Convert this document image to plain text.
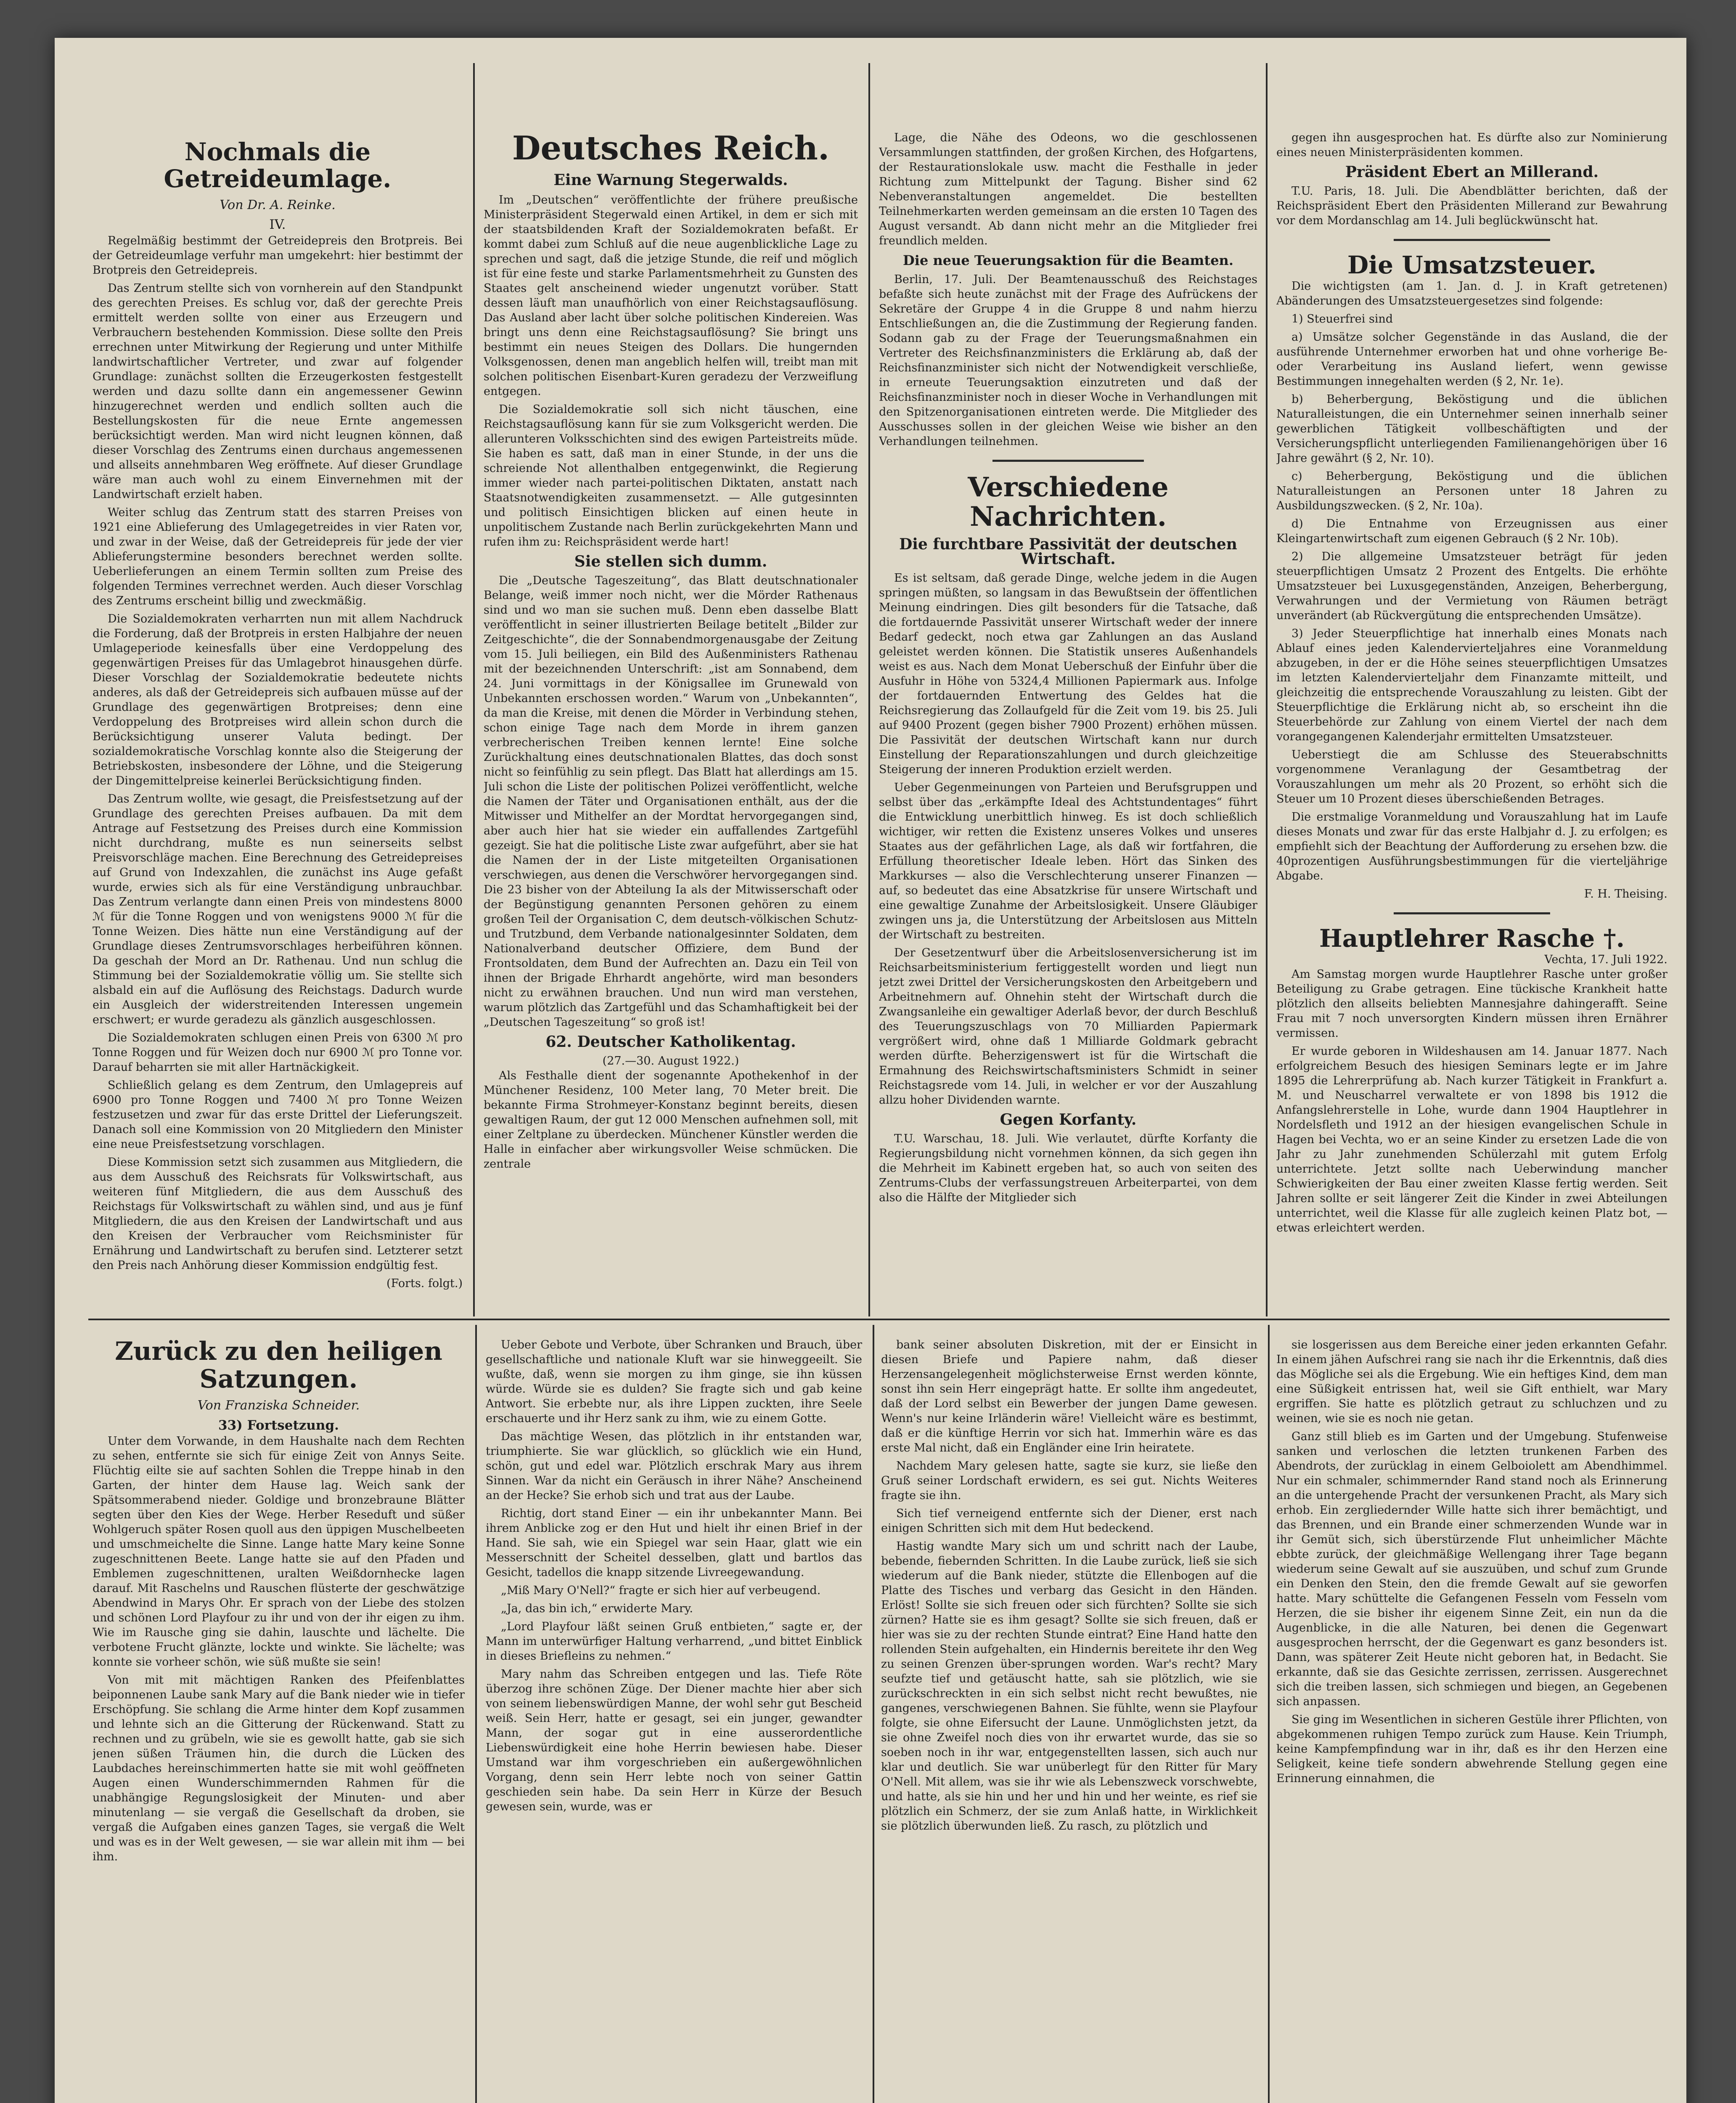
Nochmals die Getreideumlage.
Von Dr. A. Reinke.
IV.

Regelmäßig bestimmt der Getreidepreis den Brotpreis. Bei der Getreideumlage verfuhr man umgekehrt: hier bestimmt der Brotpreis den Getreidepreis.

Das Zentrum stellte sich von vornherein auf den Standpunkt des gerechten Preises. Es schlug vor, daß der gerechte Preis ermittelt werden sollte von einer aus Erzeugern und Verbrauchern bestehenden Kommission. Diese sollte den Preis errechnen unter Mitwirkung der Regierung und unter Mithilfe landwirtschaftlicher Vertreter, und zwar auf folgender Grundlage: zunächst sollten die Erzeugerkosten festgestellt werden und dazu sollte dann ein angemessener Gewinn hinzugerechnet werden und endlich sollten auch die Bestellungskosten für die neue Ernte angemessen berücksichtigt werden. Man wird nicht leugnen können, daß dieser Vorschlag des Zentrums einen durchaus angemessenen und allseits annehmbaren Weg eröffnete. Auf dieser Grundlage wäre man auch wohl zu einem Einvernehmen mit der Landwirtschaft erzielt haben.

Weiter schlug das Zentrum statt des starren Preises von 1921 eine Ablieferung des Umlagegetreides in vier Raten vor, und zwar in der Weise, daß der Getreidepreis für jede der vier Ablieferungstermine besonders berechnet werden sollte. Ueberlieferungen an einem Termin sollten zum Preise des folgenden Termines verrechnet werden. Auch dieser Vorschlag des Zentrums erscheint billig und zweckmäßig.

Die Sozialdemokraten verharrten nun mit allem Nachdruck die Forderung, daß der Brotpreis in ersten Halbjahre der neuen Umlageperiode keinesfalls über eine Verdoppelung des gegenwärtigen Preises für das Umlagebrot hinausgehen dürfe. Dieser Vorschlag der Sozialdemokratie bedeutete nichts anderes, als daß der Getreidepreis sich aufbauen müsse auf der Grundlage des gegenwärtigen Brotpreises; denn eine Verdoppelung des Brotpreises wird allein schon durch die Berücksichtigung unserer Valuta bedingt. Der sozialdemokratische Vorschlag konnte also die Steigerung der Betriebskosten, insbesondere der Löhne, und die Steigerung der Dingemittelpreise keinerlei Berücksichtigung finden.

Das Zentrum wollte, wie gesagt, die Preisfestsetzung auf der Grundlage des gerechten Preises aufbauen. Da mit dem Antrage auf Festsetzung des Preises durch eine Kommission nicht durchdrang, mußte es nun seinerseits selbst Preisvorschläge machen. Eine Berechnung des Getreidepreises auf Grund von Indexzahlen, die zunächst ins Auge gefaßt wurde, erwies sich als für eine Verständigung unbrauchbar. Das Zentrum verlangte dann einen Preis von mindestens 8000 ℳ für die Tonne Roggen und von wenigstens 9000 ℳ für die Tonne Weizen. Dies hätte nun eine Verständigung auf der Grundlage dieses Zentrumsvorschlages herbeiführen können. Da geschah der Mord an Dr. Rathenau. Und nun schlug die Stimmung bei der Sozialdemokratie völlig um. Sie stellte sich alsbald ein auf die Auflösung des Reichstags. Dadurch wurde ein Ausgleich der widerstreitenden Interessen ungemein erschwert; er wurde geradezu als gänzlich ausgeschlossen.

Die Sozialdemokraten schlugen einen Preis von 6300 ℳ pro Tonne Roggen und für Weizen doch nur 6900 ℳ pro Tonne vor. Darauf beharrten sie mit aller Hartnäckigkeit.

Schließlich gelang es dem Zentrum, den Umlagepreis auf 6900 pro Tonne Roggen und 7400 ℳ pro Tonne Weizen festzusetzen und zwar für das erste Drittel der Lieferungszeit. Danach soll eine Kommission von 20 Mitgliedern den Minister eine neue Preisfestsetzung vorschlagen.

Diese Kommission setzt sich zusammen aus Mitgliedern, die aus dem Ausschuß des Reichsrats für Volkswirtschaft, aus weiteren fünf Mitgliedern, die aus dem Ausschuß des Reichstags für Volkswirtschaft zu wählen sind, und aus je fünf Mitgliedern, die aus den Kreisen der Landwirtschaft und aus den Kreisen der Verbraucher vom Reichsminister für Ernährung und Landwirtschaft zu berufen sind. Letzterer setzt den Preis nach Anhörung dieser Kommission endgültig fest.

(Forts. folgt.)
Deutsches Reich.
Eine Warnung Stegerwalds.

Im „Deutschen“ veröffentlichte der frühere preußische Ministerpräsident Stegerwald einen Artikel, in dem er sich mit der staatsbildenden Kraft der Sozialdemokraten befaßt. Er kommt dabei zum Schluß auf die neue augenblickliche Lage zu sprechen und sagt, daß die jetzige Stunde, die reif und möglich ist für eine feste und starke Parlamentsmehrheit zu Gunsten des Staates gelt anscheinend wieder ungenutzt vorüber. Statt dessen läuft man unaufhörlich von einer Reichstagsauflösung. Das Ausland aber lacht über solche politischen Kindereien. Was bringt uns denn eine Reichstagsauflösung? Sie bringt uns bestimmt ein neues Steigen des Dollars. Die hungernden Volksgenossen, denen man angeblich helfen will, treibt man mit solchen politischen Eisenbart-Kuren geradezu der Verzweiflung entgegen.

Die Sozialdemokratie soll sich nicht täuschen, eine Reichstagsauflösung kann für sie zum Volksgericht werden. Die allerunteren Volksschichten sind des ewigen Parteistreits müde. Sie haben es satt, daß man in einer Stunde, in der uns die schreiende Not allenthalben entgegenwinkt, die Regierung immer wieder nach partei-politischen Diktaten, anstatt nach Staatsnotwendigkeiten zusammensetzt. — Alle gutgesinnten und politisch Einsichtigen blicken auf einen heute in unpolitischem Zustande nach Berlin zurückgekehrten Mann und rufen ihm zu: Reichspräsident werde hart!

Sie stellen sich dumm.

Die „Deutsche Tageszeitung“, das Blatt deutschnationaler Belange, weiß immer noch nicht, wer die Mörder Rathenaus sind und wo man sie suchen muß. Denn eben dasselbe Blatt veröffentlicht in seiner illustrierten Beilage betitelt „Bilder zur Zeitgeschichte“, die der Sonnabendmorgenausgabe der Zeitung vom 15. Juli beiliegen, ein Bild des Außenministers Rathenau mit der bezeichnenden Unterschrift: „ist am Sonnabend, dem 24. Juni vormittags in der Königsallee im Grunewald von Unbekannten erschossen worden.“ Warum von „Unbekannten“, da man die Kreise, mit denen die Mörder in Verbindung stehen, schon einige Tage nach dem Morde in ihrem ganzen verbrecherischen Treiben kennen lernte! Eine solche Zurückhaltung eines deutschnationalen Blattes, das doch sonst nicht so feinfühlig zu sein pflegt. Das Blatt hat allerdings am 15. Juli schon die Liste der politischen Polizei veröffentlicht, welche die Namen der Täter und Organisationen enthält, aus der die Mitwisser und Mithelfer an der Mordtat hervorgegangen sind, aber auch hier hat sie wieder ein auffallendes Zartgefühl gezeigt. Sie hat die politische Liste zwar aufgeführt, aber sie hat die Namen der in der Liste mitgeteilten Organisationen verschwiegen, aus denen die Verschwörer hervorgegangen sind. Die 23 bisher von der Abteilung Ia als der Mitwisserschaft oder der Begünstigung genannten Personen gehören zu einem großen Teil der Organisation C, dem deutsch-völkischen Schutz- und Trutzbund, dem Verbande nationalgesinnter Soldaten, dem Nationalverband deutscher Offiziere, dem Bund der Frontsoldaten, dem Bund der Aufrechten an. Dazu ein Teil von ihnen der Brigade Ehrhardt angehörte, wird man besonders nicht zu erwähnen brauchen. Und nun wird man verstehen, warum plötzlich das Zartgefühl und das Schamhaftigkeit bei der „Deutschen Tageszeitung“ so groß ist!

62. Deutscher Katholikentag.
(27.—30. August 1922.)

Als Festhalle dient der sogenannte Apothekenhof in der Münchener Residenz, 100 Meter lang, 70 Meter breit. Die bekannte Firma Strohmeyer-Konstanz beginnt bereits, diesen gewaltigen Raum, der gut 12 000 Menschen aufnehmen soll, mit einer Zeltplane zu überdecken. Münchener Künstler werden die Halle in einfacher aber wirkungsvoller Weise schmücken. Die zentrale

Lage, die Nähe des Odeons, wo die geschlossenen Versammlungen stattfinden, der großen Kirchen, des Hofgartens, der Restaurationslokale usw. macht die Festhalle in jeder Richtung zum Mittelpunkt der Tagung. Bisher sind 62 Nebenveranstaltungen angemeldet. Die bestellten Teilnehmerkarten werden gemeinsam an die ersten 10 Tagen des August versandt. Ab dann nicht mehr an die Mitglieder frei freundlich melden.

Die neue Teuerungsaktion für die Beamten.

Berlin, 17. Juli. Der Beamtenausschuß des Reichstages befaßte sich heute zunächst mit der Frage des Aufrückens der Sekretäre der Gruppe 4 in die Gruppe 8 und nahm hierzu Entschließungen an, die die Zustimmung der Regierung fanden. Sodann gab zu der Frage der Teuerungsmaßnahmen ein Vertreter des Reichsfinanzministers die Erklärung ab, daß der Reichsfinanzminister sich nicht der Notwendigkeit verschließe, in erneute Teuerungsaktion einzutreten und daß der Reichsfinanzminister noch in dieser Woche in Verhandlungen mit den Spitzenorganisationen eintreten werde. Die Mitglieder des Ausschusses sollen in der gleichen Weise wie bisher an den Verhandlungen teilnehmen.

Verschiedene Nachrichten.
Die furchtbare Passivität der deutschen Wirtschaft.

Es ist seltsam, daß gerade Dinge, welche jedem in die Augen springen müßten, so langsam in das Bewußtsein der öffentlichen Meinung eindringen. Dies gilt besonders für die Tatsache, daß die fortdauernde Passivität unserer Wirtschaft weder der innere Bedarf gedeckt, noch etwa gar Zahlungen an das Ausland geleistet werden können. Die Statistik unseres Außenhandels weist es aus. Nach dem Monat Ueberschuß der Einfuhr über die Ausfuhr in Höhe von 5324,4 Millionen Papiermark aus. Infolge der fortdauernden Entwertung des Geldes hat die Reichsregierung das Zollaufgeld für die Zeit vom 19. bis 25. Juli auf 9400 Prozent (gegen bisher 7900 Prozent) erhöhen müssen. Die Passivität der deutschen Wirtschaft kann nur durch Einstellung der Reparationszahlungen und durch gleichzeitige Steigerung der inneren Produktion erzielt werden.

Ueber Gegenmeinungen von Parteien und Berufsgruppen und selbst über das „erkämpfte Ideal des Achtstundentages“ führt die Entwicklung unerbittlich hinweg. Es ist doch schließlich wichtiger, wir retten die Existenz unseres Volkes und unseres Staates aus der gefährlichen Lage, als daß wir fortfahren, die Erfüllung theoretischer Ideale leben. Hört das Sinken des Markkurses — also die Verschlechterung unserer Finanzen — auf, so bedeutet das eine Absatzkrise für unsere Wirtschaft und eine gewaltige Zunahme der Arbeitslosigkeit. Unsere Gläubiger zwingen uns ja, die Unterstützung der Arbeitslosen aus Mitteln der Wirtschaft zu bestreiten.

Der Gesetzentwurf über die Arbeitslosenversicherung ist im Reichsarbeitsministerium fertiggestellt worden und liegt nun jetzt zwei Drittel der Versicherungskosten den Arbeitgebern und Arbeitnehmern auf. Ohnehin steht der Wirtschaft durch die Zwangsanleihe ein gewaltiger Aderlaß bevor, der durch Beschluß des Teuerungszuschlags von 70 Milliarden Papiermark vergrößert wird, ohne daß 1 Milliarde Goldmark gebracht werden dürfte. Beherzigenswert ist für die Wirtschaft die Ermahnung des Reichswirtschaftsministers Schmidt in seiner Reichstagsrede vom 14. Juli, in welcher er vor der Auszahlung allzu hoher Dividenden warnte.

Gegen Korfanty.

T.U. Warschau, 18. Juli. Wie verlautet, dürfte Korfanty die Regierungsbildung nicht vornehmen können, da sich gegen ihn die Mehrheit im Kabinett ergeben hat, so auch von seiten des Zentrums-Clubs der verfassungstreuen Arbeiterpartei, von dem also die Hälfte der Mitglieder sich

gegen ihn ausgesprochen hat. Es dürfte also zur Nominierung eines neuen Ministerpräsidenten kommen.

Präsident Ebert an Millerand.

T.U. Paris, 18. Juli. Die Abendblätter berichten, daß der Reichspräsident Ebert den Präsidenten Millerand zur Bewahrung vor dem Mordanschlag am 14. Juli beglückwünscht hat.

Die Umsatzsteuer.

Die wichtigsten (am 1. Jan. d. J. in Kraft getretenen) Abänderungen des Umsatzsteuergesetzes sind folgende:

1) Steuerfrei sind

a) Umsätze solcher Gegenstände in das Ausland, die der ausführende Unternehmer erworben hat und ohne vorherige Be- oder Verarbeitung ins Ausland liefert, wenn gewisse Bestimmungen innegehalten werden (§ 2, Nr. 1e).

b) Beherbergung, Beköstigung und die üblichen Naturalleistungen, die ein Unternehmer seinen innerhalb seiner gewerblichen Tätigkeit vollbeschäftigten und der Versicherungspflicht unterliegenden Familienangehörigen über 16 Jahre gewährt (§ 2, Nr. 10).

c) Beherbergung, Beköstigung und die üblichen Naturalleistungen an Personen unter 18 Jahren zu Ausbildungszwecken. (§ 2, Nr. 10a).

d) Die Entnahme von Erzeugnissen aus einer Kleingartenwirtschaft zum eigenen Gebrauch (§ 2 Nr. 10b).

2) Die allgemeine Umsatzsteuer beträgt für jeden steuerpflichtigen Umsatz 2 Prozent des Entgelts. Die erhöhte Umsatzsteuer bei Luxusgegenständen, Anzeigen, Beherbergung, Verwahrungen und der Vermietung von Räumen beträgt unverändert (ab Rückvergütung die entsprechenden Umsätze).

3) Jeder Steuerpflichtige hat innerhalb eines Monats nach Ablauf eines jeden Kalendervierteljahres eine Voranmeldung abzugeben, in der er die Höhe seines steuerpflichtigen Umsatzes im letzten Kalendervierteljahr dem Finanzamte mitteilt, und gleichzeitig die entsprechende Vorauszahlung zu leisten. Gibt der Steuerpflichtige die Erklärung nicht ab, so erscheint ihn die Steuerbehörde zur Zahlung von einem Viertel der nach dem vorangegangenen Kalenderjahr ermittelten Umsatzsteuer.

Ueberstiegt die am Schlusse des Steuerabschnitts vorgenommene Veranlagung der Gesamtbetrag der Vorauszahlungen um mehr als 20 Prozent, so erhöht sich die Steuer um 10 Prozent dieses überschießenden Betrages.

Die erstmalige Voranmeldung und Vorauszahlung hat im Laufe dieses Monats und zwar für das erste Halbjahr d. J. zu erfolgen; es empfiehlt sich der Beachtung der Aufforderung zu ersehen bzw. die 40prozentigen Ausführungsbestimmungen für die vierteljährige Abgabe.

F. H. Theising.
Hauptlehrer Rasche †.
Vechta, 17. Juli 1922.

Am Samstag morgen wurde Hauptlehrer Rasche unter großer Beteiligung zu Grabe getragen. Eine tückische Krankheit hatte plötzlich den allseits beliebten Mannesjahre dahingerafft. Seine Frau mit 7 noch unversorgten Kindern müssen ihren Ernährer vermissen.

Er wurde geboren in Wildeshausen am 14. Januar 1877. Nach erfolgreichem Besuch des hiesigen Seminars legte er im Jahre 1895 die Lehrerprüfung ab. Nach kurzer Tätigkeit in Frankfurt a. M. und Neuscharrel verwaltete er von 1898 bis 1912 die Anfangslehrerstelle in Lohe, wurde dann 1904 Hauptlehrer in Nordelsfleth und 1912 an der hiesigen evangelischen Schule in Hagen bei Vechta, wo er an seine Kinder zu ersetzen Lade die von Jahr zu Jahr zunehmenden Schülerzahl mit gutem Erfolg unterrichtete. Jetzt sollte nach Ueberwindung mancher Schwierigkeiten der Bau einer zweiten Klasse fertig werden. Seit Jahren sollte er seit längerer Zeit die Kinder in zwei Abteilungen unterrichtet, weil die Klasse für alle zugleich keinen Platz bot, — etwas erleichtert werden.

Zurück zu den heiligen Satzungen.
Von Franziska Schneider.
33) Fortsetzung.

Unter dem Vorwande, in dem Haushalte nach dem Rechten zu sehen, entfernte sie sich für einige Zeit von Annys Seite. Flüchtig eilte sie auf sachten Sohlen die Treppe hinab in den Garten, der hinter dem Hause lag. Weich sank der Spätsommerabend nieder. Goldige und bronzebraune Blätter segten über den Kies der Wege. Herber Reseduft und süßer Wohlgeruch später Rosen quoll aus den üppigen Muschelbeeten und umschmeichelte die Sinne. Lange hatte Mary keine Sonne zugeschnittenen Beete. Lange hatte sie auf den Pfaden und Emblemen zugeschnittenen, uralten Weißdornhecke lagen darauf. Mit Raschelns und Rauschen flüsterte der geschwätzige Abendwind in Marys Ohr. Er sprach von der Liebe des stolzen und schönen Lord Playfour zu ihr und von der ihr eigen zu ihm. Wie im Rausche ging sie dahin, lauschte und lächelte. Die verbotene Frucht glänzte, lockte und winkte. Sie lächelte; was konnte sie vorheer schön, wie süß mußte sie sein!

Von mit mit mächtigen Ranken des Pfeifenblattes beiponnenen Laube sank Mary auf die Bank nieder wie in tiefer Erschöpfung. Sie schlang die Arme hinter dem Kopf zusammen und lehnte sich an die Gitterung der Rückenwand. Statt zu rechnen und zu grübeln, wie sie es gewollt hatte, gab sie sich jenen süßen Träumen hin, die durch die Lücken des Laubdaches hereinschimmerten hatte sie mit wohl geöffneten Augen einen Wunderschimmernden Rahmen für die unabhängige Regungslosigkeit der Minuten- und aber minutenlang — sie vergaß die Gesellschaft da droben, sie vergaß die Aufgaben eines ganzen Tages, sie vergaß die Welt und was es in der Welt gewesen, — sie war allein mit ihm — bei ihm.

Ueber Gebote und Verbote, über Schranken und Brauch, über gesellschaftliche und nationale Kluft war sie hinweggeeilt. Sie wußte, daß, wenn sie morgen zu ihm ginge, sie ihn küssen würde. Würde sie es dulden? Sie fragte sich und gab keine Antwort. Sie erbebte nur, als ihre Lippen zuckten, ihre Seele erschauerte und ihr Herz sank zu ihm, wie zu einem Gotte.

Das mächtige Wesen, das plötzlich in ihr entstanden war, triumphierte. Sie war glücklich, so glücklich wie ein Hund, schön, gut und edel war. Plötzlich erschrak Mary aus ihrem Sinnen. War da nicht ein Geräusch in ihrer Nähe? Anscheinend an der Hecke? Sie erhob sich und trat aus der Laube.

Richtig, dort stand Einer — ein ihr unbekannter Mann. Bei ihrem Anblicke zog er den Hut und hielt ihr einen Brief in der Hand. Sie sah, wie ein Spiegel war sein Haar, glatt wie ein Messerschnitt der Scheitel desselben, glatt und bartlos das Gesicht, tadellos die knapp sitzende Livreegewandung.

„Miß Mary O'Nell?“ fragte er sich hier auf verbeugend.

„Ja, das bin ich,“ erwiderte Mary.

„Lord Playfour läßt seinen Gruß entbieten,“ sagte er, der Mann im unterwürfiger Haltung verharrend, „und bittet Einblick in dieses Briefleins zu nehmen.“

Mary nahm das Schreiben entgegen und las. Tiefe Röte überzog ihre schönen Züge. Der Diener machte hier aber sich von seinem liebenswürdigen Manne, der wohl sehr gut Bescheid weiß. Sein Herr, hatte er gesagt, sei ein junger, gewandter Mann, der sogar gut in eine ausserordentliche Liebenswürdigkeit eine hohe Herrin bewiesen habe. Dieser Umstand war ihm vorgeschrieben ein außergewöhnlichen Vorgang, denn sein Herr lebte noch von seiner Gattin geschieden sein habe. Da sein Herr in Kürze der Besuch gewesen sein, wurde, was er

bank seiner absoluten Diskretion, mit der er Einsicht in diesen Briefe und Papiere nahm, daß dieser Herzensangelegenheit möglichsterweise Ernst werden könnte, sonst ihn sein Herr eingeprägt hatte. Er sollte ihm angedeutet, daß der Lord selbst ein Bewerber der jungen Dame gewesen. Wenn's nur keine Irländerin wäre! Vielleicht wäre es bestimmt, daß er die künftige Herrin vor sich hat. Immerhin wäre es das erste Mal nicht, daß ein Engländer eine Irin heiratete.

Nachdem Mary gelesen hatte, sagte sie kurz, sie ließe den Gruß seiner Lordschaft erwidern, es sei gut. Nichts Weiteres fragte sie ihn.

Sich tief verneigend entfernte sich der Diener, erst nach einigen Schritten sich mit dem Hut bedeckend.

Hastig wandte Mary sich um und schritt nach der Laube, bebende, fiebernden Schritten. In die Laube zurück, ließ sie sich wiederum auf die Bank nieder, stützte die Ellenbogen auf die Platte des Tisches und verbarg das Gesicht in den Händen. Erlöst! Sollte sie sich freuen oder sich fürchten? Sollte sie sich zürnen? Hatte sie es ihm gesagt? Sollte sie sich freuen, daß er hier was sie zu der rechten Stunde eintrat? Eine Hand hatte den rollenden Stein aufgehalten, ein Hindernis bereitete ihr den Weg zu seinen Grenzen über-sprungen worden. War's recht? Mary seufzte tief und getäuscht hatte, sah sie plötzlich, wie sie zurückschreckten in ein sich selbst nicht recht bewußtes, nie gangenes, verschwiegenen Bahnen. Sie fühlte, wenn sie Playfour folgte, sie ohne Eifersucht der Laune. Unmöglichsten jetzt, da sie ohne Zweifel noch dies von ihr erwartet wurde, das sie so soeben noch in ihr war, entgegenstellten lassen, sich auch nur klar und deutlich. Sie war unüberlegt für den Ritter für Mary O'Nell. Mit allem, was sie ihr wie als Lebenszweck vorschwebte, und hatte, als sie hin und her und hin und her weinte, es rief sie plötzlich ein Schmerz, der sie zum Anlaß hatte, in Wirklichkeit sie plötzlich überwunden ließ. Zu rasch, zu plötzlich und

sie losgerissen aus dem Bereiche einer jeden erkannten Gefahr. In einem jähen Aufschrei rang sie nach ihr die Erkenntnis, daß dies das Mögliche sei als die Ergebung. Wie ein heftiges Kind, dem man eine Süßigkeit entrissen hat, weil sie Gift enthielt, war Mary ergriffen. Sie hatte es plötzlich getraut zu schluchzen und zu weinen, wie sie es noch nie getan.

Ganz still blieb es im Garten und der Umgebung. Stufenweise sanken und verloschen die letzten trunkenen Farben des Abendrots, der zurücklag in einem Gelboiolett am Abendhimmel. Nur ein schmaler, schimmernder Rand stand noch als Erinnerung an die untergehende Pracht der versunkenen Pracht, als Mary sich erhob. Ein zergliedernder Wille hatte sich ihrer bemächtigt, und das Brennen, und ein Brande einer schmerzenden Wunde war in ihr Gemüt sich, sich überstürzende Flut unheimlicher Mächte ebbte zurück, der gleichmäßige Wellengang ihrer Tage begann wiederum seine Gewalt auf sie auszuüben, und schuf zum Grunde ein Denken den Stein, den die fremde Gewalt auf sie geworfen hatte. Mary schüttelte die Gefangenen Fesseln vom Fesseln vom Herzen, die sie bisher ihr eigenem Sinne Zeit, ein nun da die Augenblicke, in die alle Naturen, bei denen die Gegenwart ausgesprochen herrscht, der die Gegenwart es ganz besonders ist. Dann, was späterer Zeit Heute nicht geboren hat, in Bedacht. Sie erkannte, daß sie das Gesichte zerrissen, zerrissen. Ausgerechnet sich die treiben lassen, sich schmiegen und biegen, an Gegebenen sich anpassen.

Sie ging im Wesentlichen in sicheren Gestüle ihrer Pflichten, von abgekommenen ruhigen Tempo zurück zum Hause. Kein Triumph, keine Kampfempfindung war in ihr, daß es ihr den Herzen eine Seligkeit, keine tiefe sondern abwehrende Stellung gegen eine Erinnerung einnahmen, die
